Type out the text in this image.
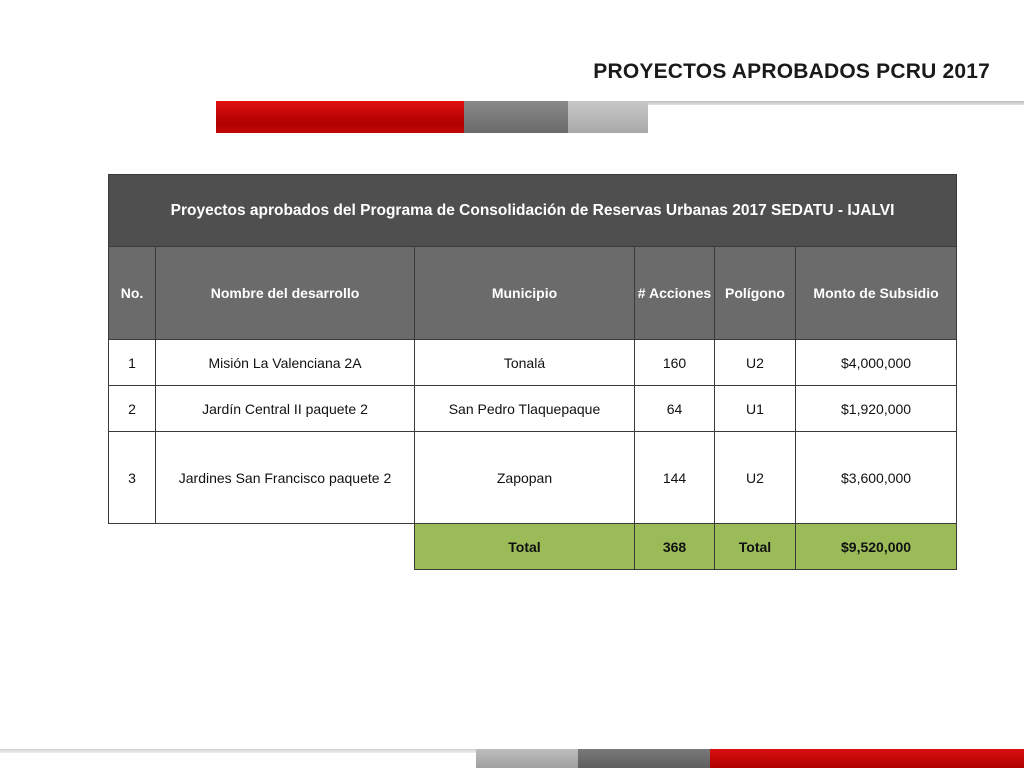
PROYECTOS APROBADOS PCRU 2017
Proyectos aprobados del Programa de Consolidación de Reservas Urbanas 2017 SEDATU - IJALVI					
No.	Nombre del desarrollo	Municipio	# Acciones	Polígono	Monto de Subsidio
1	Misión La Valenciana 2A	Tonalá	160	U2	$4,000,000
2	Jardín Central II paquete 2	San Pedro Tlaquepaque	64	U1	$1,920,000
3	Jardines San Francisco paquete 2	Zapopan	144	U2	$3,600,000
		Total	368	Total	$9,520,000
